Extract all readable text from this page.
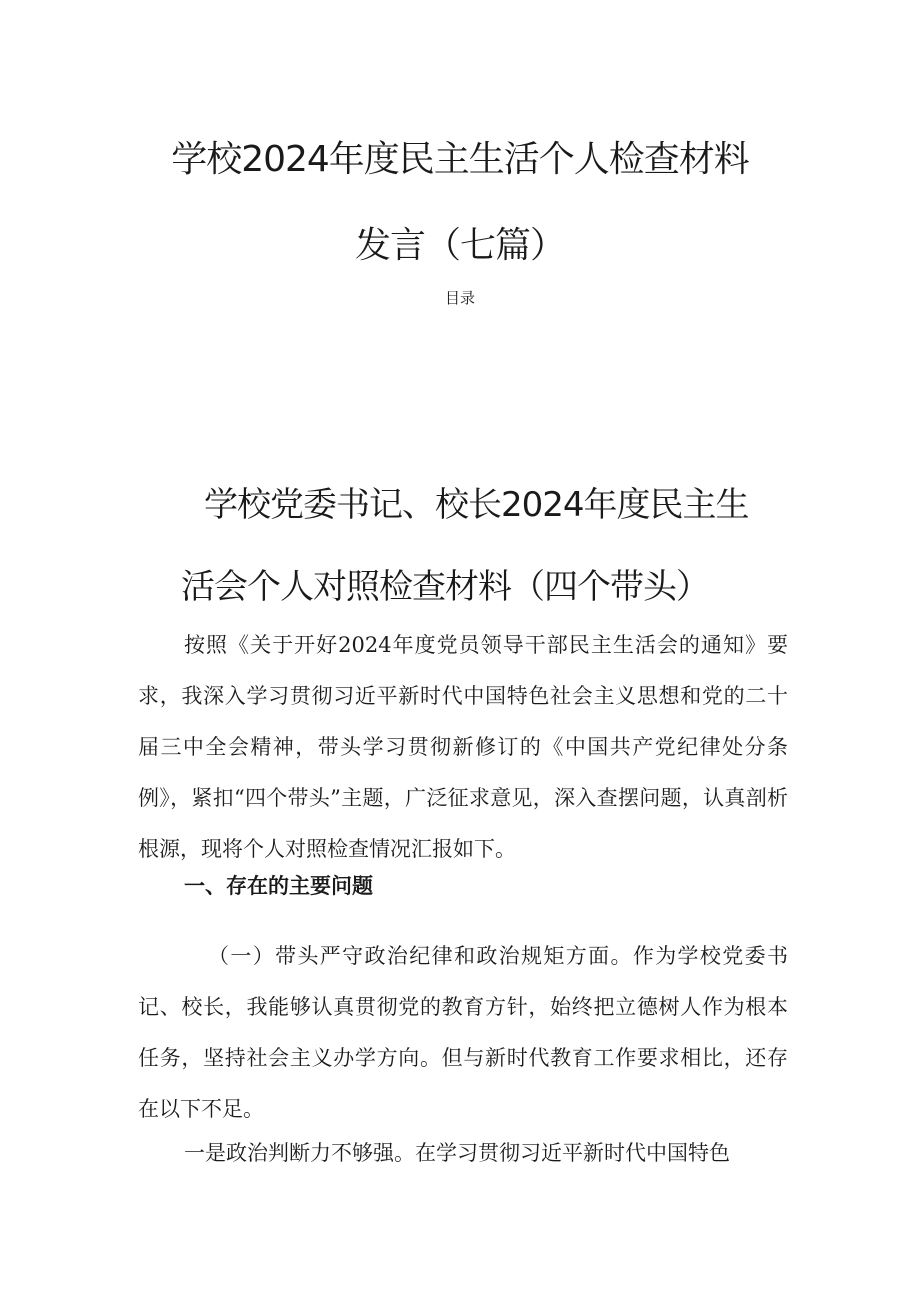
学校2024年度民主生活个人检查材料
发言（七篇）
目录
学校党委书记、校长2024年度民主生
活会个人对照检查材料（四个带头）

按照《关于开好2024年度党员领导干部民主生活会的通知》要求，我深入学习贯彻习近平新时代中国特色社会主义思想和党的二十届三中全会精神，带头学习贯彻新修订的《中国共产党纪律处分条例》，紧扣“四个带头”主题，广泛征求意见，深入查摆问题，认真剖析根源，现将个人对照检查情况汇报如下。

一、存在的主要问题

（一）带头严守政治纪律和政治规矩方面。作为学校党委书记、校长，我能够认真贯彻党的教育方针，始终把立德树人作为根本任务，坚持社会主义办学方向。但与新时代教育工作要求相比，还存在以下不足。

一是政治判断力不够强。在学习贯彻习近平新时代中国特色
